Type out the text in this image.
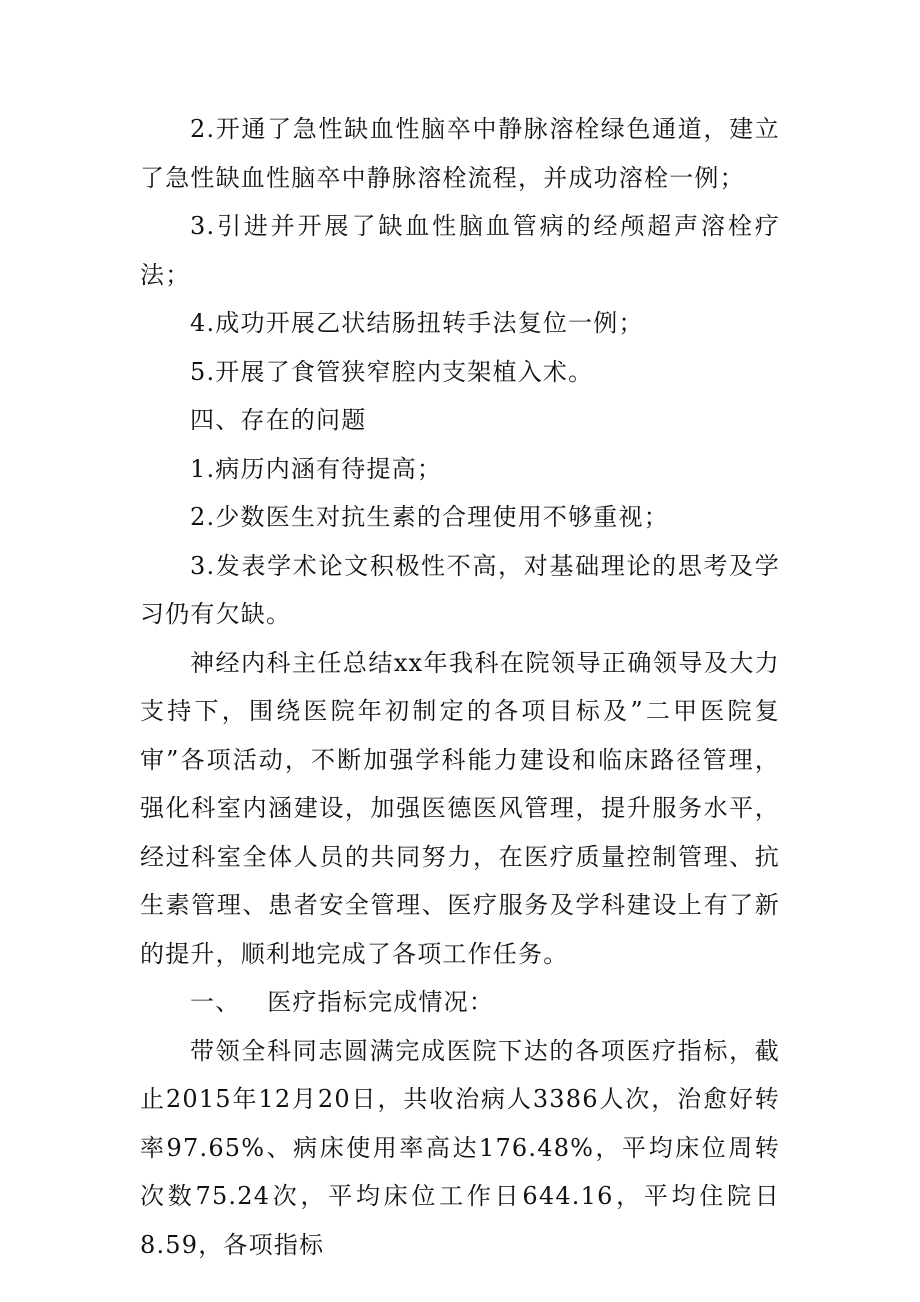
2.开通了急性缺血性脑卒中静脉溶栓绿色通道，建立了急性缺血性脑卒中静脉溶栓流程，并成功溶栓一例；

3.引进并开展了缺血性脑血管病的经颅超声溶栓疗法；

4.成功开展乙状结肠扭转手法复位一例；

5.开展了食管狭窄腔内支架植入术。

四、存在的问题

1.病历内涵有待提高；

2.少数医生对抗生素的合理使用不够重视；

3.发表学术论文积极性不高，对基础理论的思考及学习仍有欠缺。

神经内科主任总结xx年我科在院领导正确领导及大力支持下，围绕医院年初制定的各项目标及”二甲医院复审”各项活动，不断加强学科能力建设和临床路径管理，强化科室内涵建设，加强医德医风管理，提升服务水平，经过科室全体人员的共同努力，在医疗质量控制管理、抗生素管理、患者安全管理、医疗服务及学科建设上有了新的提升，顺利地完成了各项工作任务。

一、 医疗指标完成情况：

带领全科同志圆满完成医院下达的各项医疗指标，截止2015年12月20日，共收治病人3386人次，治愈好转率97.65%、病床使用率高达176.48%，平均床位周转次数75.24次，平均床位工作日644.16，平均住院日8.59，各项指标
